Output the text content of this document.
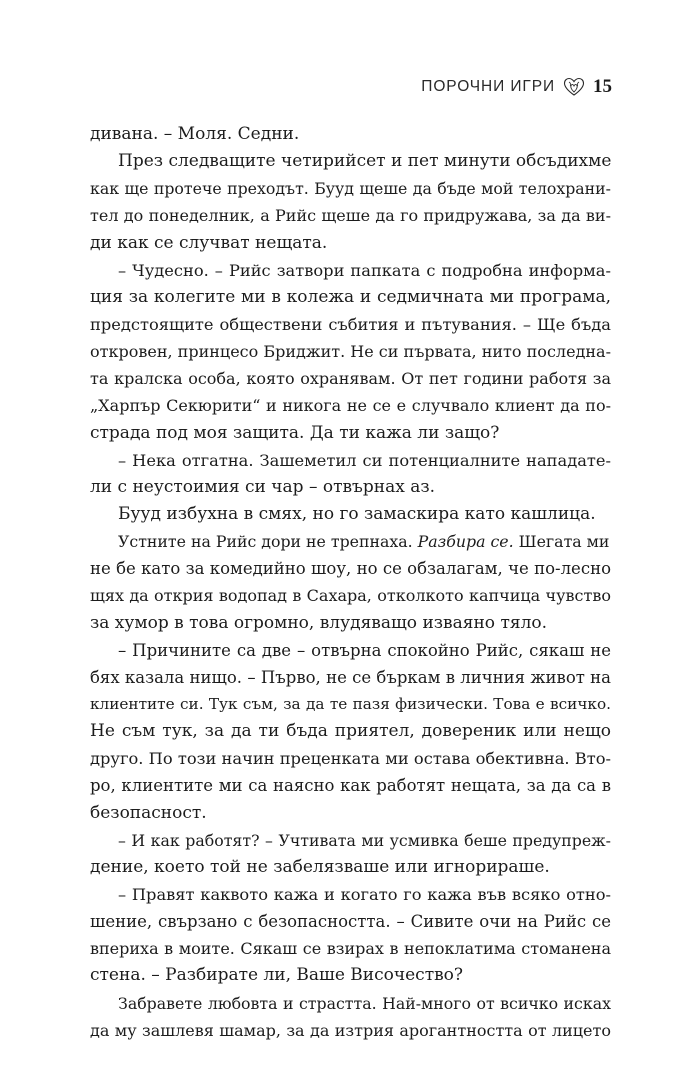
ПОРОЧНИ ИГРИ 15
дивана. – Моля. Седни.
През следващите четирийсет и пет минути обсъдихме
как ще протече преходът. Бууд щеше да бъде мой телохрани-
тел до понеделник, а Рийс щеше да го придружава, за да ви-
ди как се случват нещата.
– Чудесно. – Рийс затвори папката с подробна информа-
ция за колегите ми в колежа и седмичната ми програма,
предстоящите обществени събития и пътувания. – Ще бъда
откровен, принцесо Бриджит. Не си първата, нито последна-
та кралска особа, която охранявам. От пет години работя за
„Харпър Секюрити“ и никога не се е случвало клиент да по-
страда под моя защита. Да ти кажа ли защо?
– Нека отгатна. Зашеметил си потенциалните нападате-
ли с неустоимия си чар – отвърнах аз.
Бууд избухна в смях, но го замаскира като кашлица.
Устните на Рийс дори не трепнаха. Разбира се. Шегата ми
не бе като за комедийно шоу, но се обзалагам, че по-лесно
щях да открия водопад в Сахара, отколкото капчица чувство
за хумор в това огромно, влудяващо изваяно тяло.
– Причините са две – отвърна спокойно Рийс, сякаш не
бях казала нищо. – Първо, не се бъркам в личния живот на
клиентите си. Тук съм, за да те пазя физически. Това е всичко.
Не съм тук, за да ти бъда приятел, довереник или нещо
друго. По този начин преценката ми остава обективна. Вто-
ро, клиентите ми са наясно как работят нещата, за да са в
безопасност.
– И как работят? – Учтивата ми усмивка беше предупреж-
дение, което той не забелязваше или игнорираше.
– Правят каквото кажа и когато го кажа във всяко отно-
шение, свързано с безопасността. – Сивите очи на Рийс се
впериха в моите. Сякаш се взирах в непоклатима стоманена
стена. – Разбирате ли, Ваше Височество?
Забравете любовта и страстта. Най-много от всичко исках
да му зашлевя шамар, за да изтрия арогантността от лицето
